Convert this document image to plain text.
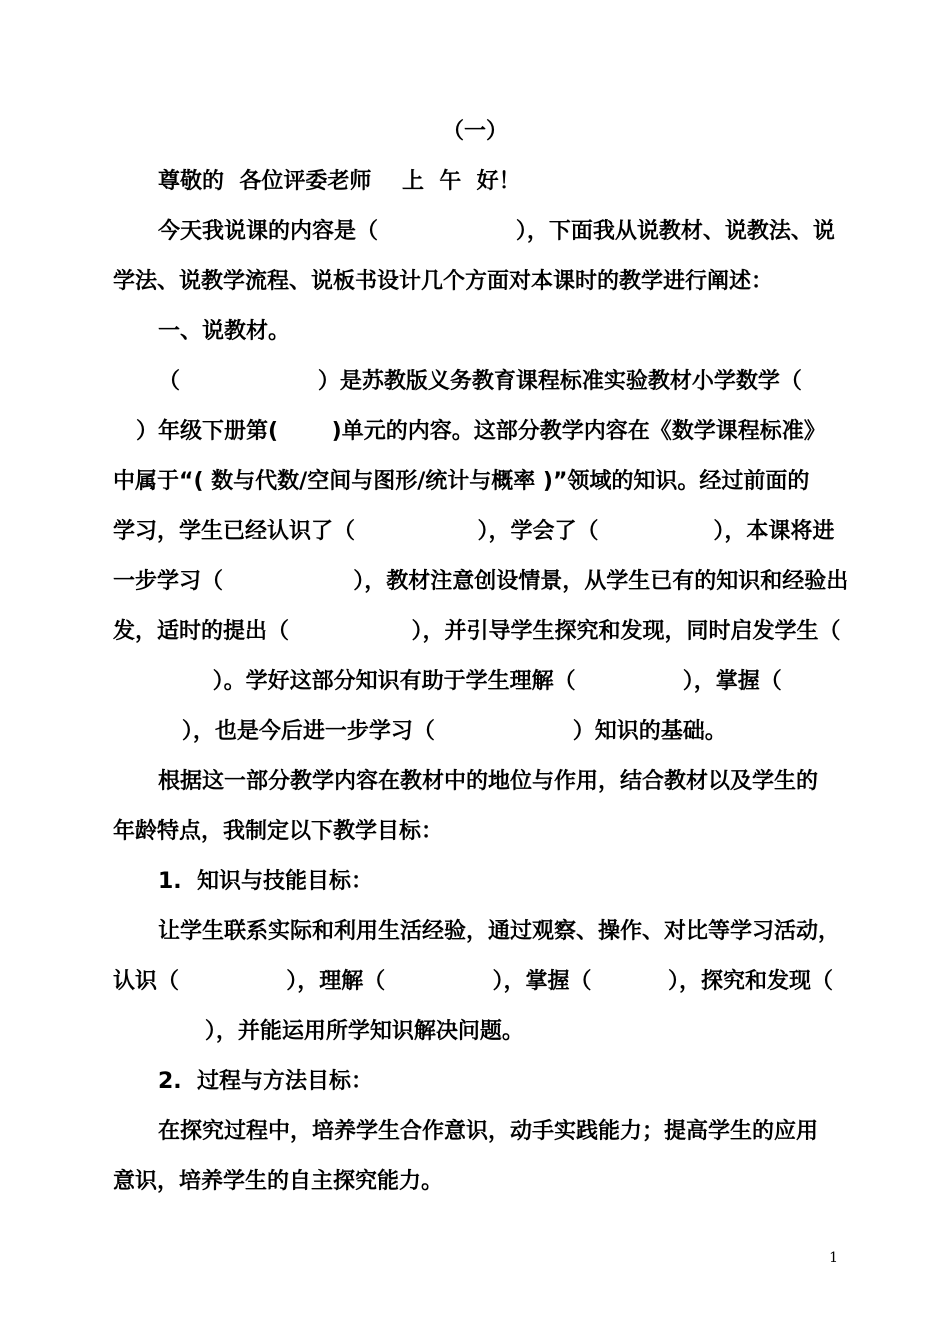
（一）
尊敬的  各位评委老师    上  午  好！
今天我说课的内容是（                  ），下面我从说教材、说教法、说
学法、说教学流程、说板书设计几个方面对本课时的教学进行阐述：
一、说教材。
（                  ）是苏教版义务教育课程标准实验教材小学数学（
）年级下册第(       )单元的内容。这部分教学内容在《数学课程标准》
中属于“( 数与代数/空间与图形/统计与概率 )”领域的知识。经过前面的
学习，学生已经认识了（                ），学会了（               ），本课将进
一步学习（                 ），教材注意创设情景，从学生已有的知识和经验出
发，适时的提出（                ），并引导学生探究和发现，同时启发学生（
）。学好这部分知识有助于学生理解（              ），掌握（
），也是今后进一步学习（                  ）知识的基础。
根据这一部分教学内容在教材中的地位与作用，结合教材以及学生的
年龄特点，我制定以下教学目标：
1.  知识与技能目标：
让学生联系实际和利用生活经验，通过观察、操作、对比等学习活动，
认识（              ），理解（              ），掌握（          ），探究和发现（
），并能运用所学知识解决问题。
2.  过程与方法目标：
在探究过程中，培养学生合作意识，动手实践能力；提高学生的应用
意识，培养学生的自主探究能力。
1
